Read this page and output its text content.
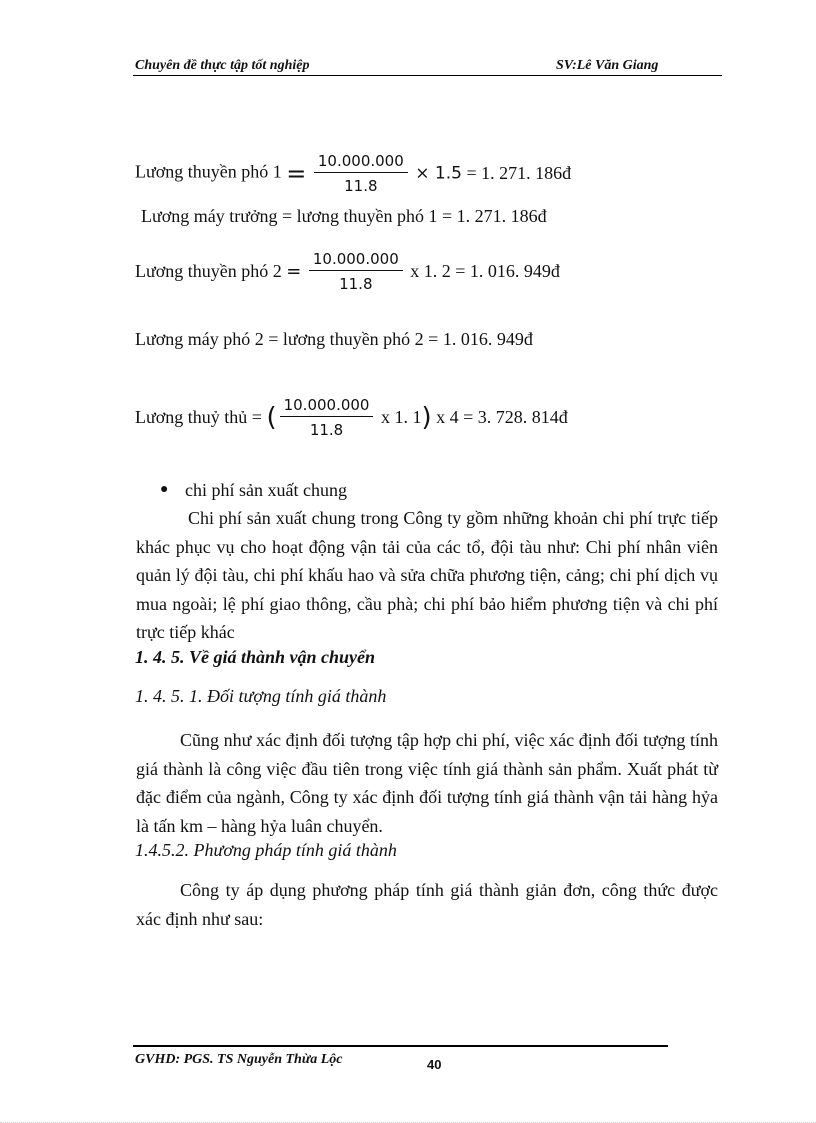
Chuyên đề thực tập tốt nghiệp	SV:Lê Văn Giang
Lương thuyền phó $1 = \frac{10.000.000}{11.8} \times 1.5 = 1$. 271. 186đ
Lương máy trưởng = lương thuyền phó 1 = 1. 271. 186đ
Lương thuyền phó $2 = \frac{10.000.000}{11.8}$ x 1. 2 = 1. 016. 949đ
Lương máy phó 2 = lương thuyền phó 2 = 1. 016. 949đ
Lương thuỷ thủ = ( $\frac{10.000.000}{11.8}$ x 1. 1) x 4 = 3. 728. 814đ
● chi phí sản xuất chung
Chi phí sản xuất chung trong Công ty gồm những khoản chi phí trực tiếp khác phục vụ cho hoạt động vận tải của các tổ, đội tàu như: Chi phí nhân viên quản lý đội tàu, chi phí khấu hao và sửa chữa phương tiện, cảng; chi phí dịch vụ mua ngoài; lệ phí giao thông, cầu phà; chi phí bảo hiểm phương tiện và chi phí trực tiếp khác
1. 4. 5. Về giá thành vận chuyển
1. 4. 5. 1. Đối tượng tính giá thành
Cũng như xác định đối tượng tập hợp chi phí, việc xác định đối tượng tính giá thành là công việc đầu tiên trong việc tính giá thành sản phẩm. Xuất phát từ đặc điểm của ngành, Công ty xác định đối tượng tính giá thành vận tải hàng hỷa là tấn km – hàng hỷa luân chuyển.
1.4.5.2. Phương pháp tính giá thành
Công ty áp dụng phương pháp tính giá thành giản đơn, công thức được xác định như sau:
GVHD: PGS. TS Nguyễn Thừa Lộc	40
